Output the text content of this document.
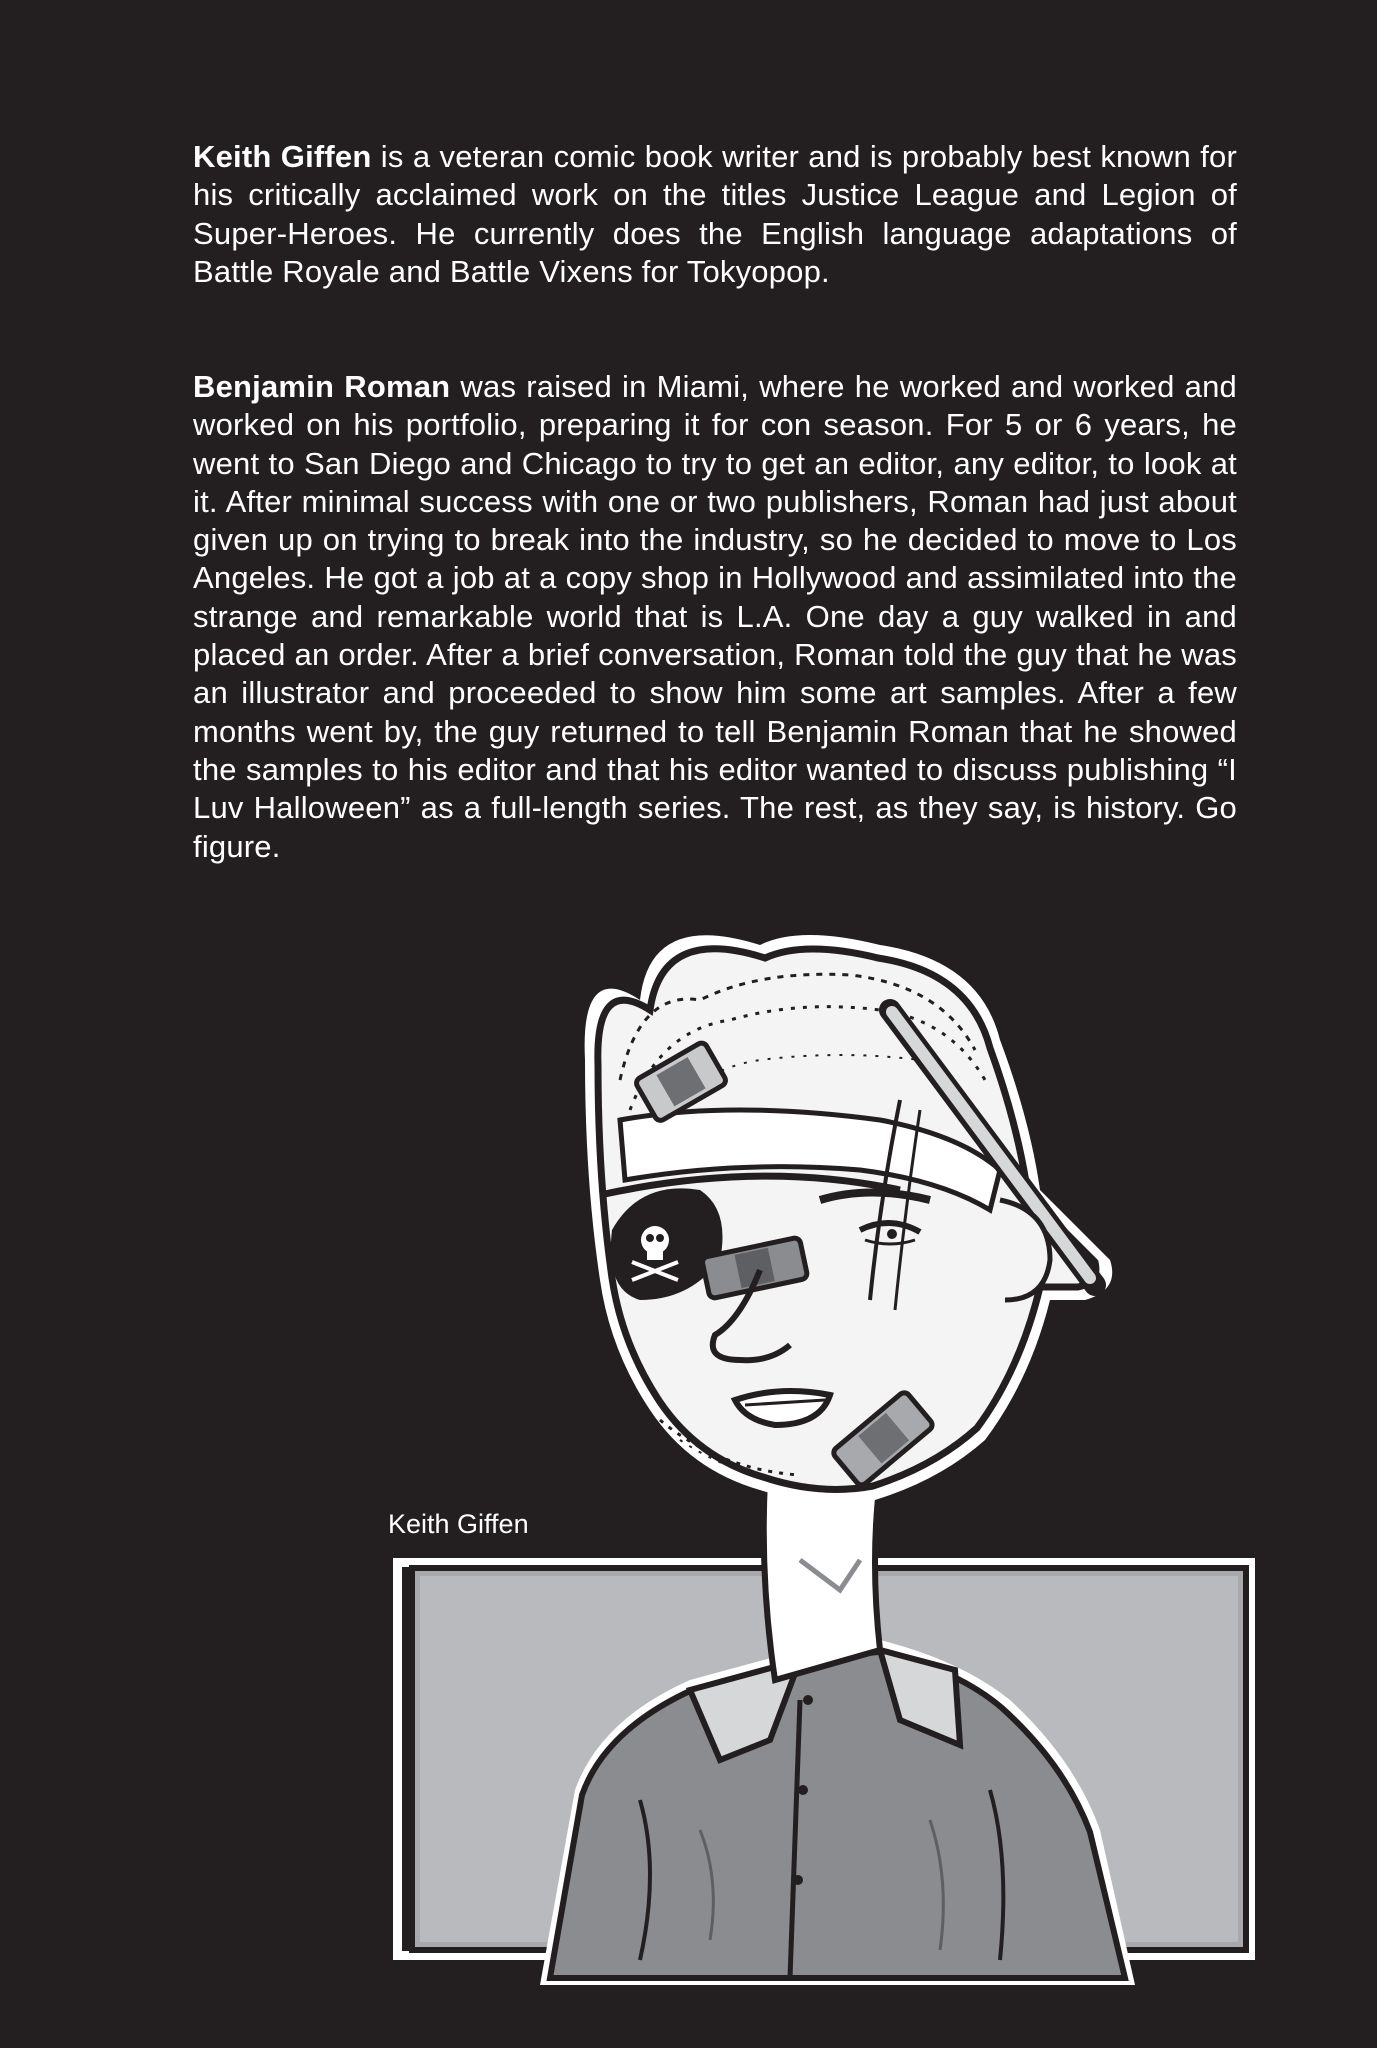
Keith Giffen is a veteran comic book writer and is probably best known for his critically acclaimed work on the titles Justice League and Legion of Super-Heroes. He currently does the English language adaptations of Battle Royale and Battle Vixens for Tokyopop.

Benjamin Roman was raised in Miami, where he worked and worked and worked on his portfolio, preparing it for con season. For 5 or 6 years, he went to San Diego and Chicago to try to get an editor, any editor, to look at it. After minimal success with one or two publishers, Roman had just about given up on trying to break into the industry, so he decided to move to Los Angeles. He got a job at a copy shop in Hollywood and assimilated into the strange and remarkable world that is L.A. One day a guy walked in and placed an order. After a brief conversation, Roman told the guy that he was an illustrator and proceeded to show him some art samples. After a few months went by, the guy returned to tell Benjamin Roman that he showed the samples to his editor and that his editor wanted to discuss publishing “I Luv Halloween” as a full-length series. The rest, as they say, is history. Go figure.

Keith Giffen
